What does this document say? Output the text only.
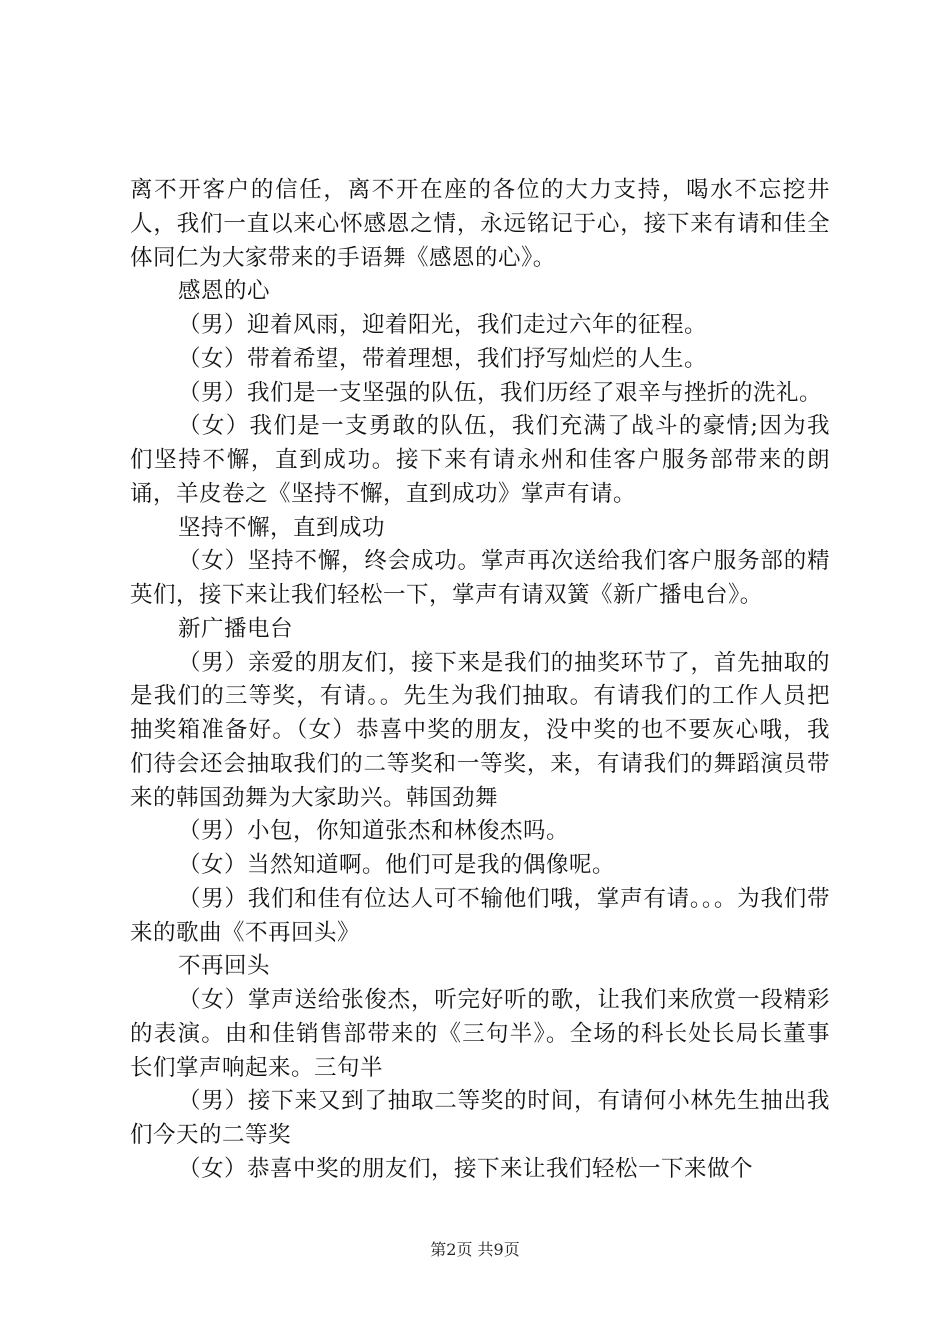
离不开客户的信任，离不开在座的各位的大力支持，喝水不忘挖井人，我们一直以来心怀感恩之情，永远铭记于心，接下来有请和佳全体同仁为大家带来的手语舞《感恩的心》。

感恩的心

（男）迎着风雨，迎着阳光，我们走过六年的征程。

（女）带着希望，带着理想，我们抒写灿烂的人生。

（男）我们是一支坚强的队伍，我们历经了艰辛与挫折的洗礼。

（女）我们是一支勇敢的队伍，我们充满了战斗的豪情;因为我们坚持不懈，直到成功。接下来有请永州和佳客户服务部带来的朗诵，羊皮卷之《坚持不懈，直到成功》掌声有请。

坚持不懈，直到成功

（女）坚持不懈，终会成功。掌声再次送给我们客户服务部的精英们，接下来让我们轻松一下，掌声有请双簧《新广播电台》。

新广播电台

（男）亲爱的朋友们，接下来是我们的抽奖环节了，首先抽取的是我们的三等奖，有请。。先生为我们抽取。有请我们的工作人员把抽奖箱准备好。（女）恭喜中奖的朋友，没中奖的也不要灰心哦，我们待会还会抽取我们的二等奖和一等奖，来，有请我们的舞蹈演员带来的韩国劲舞为大家助兴。韩国劲舞

（男）小包，你知道张杰和林俊杰吗。

（女）当然知道啊。他们可是我的偶像呢。

（男）我们和佳有位达人可不输他们哦，掌声有请。。。为我们带来的歌曲《不再回头》

不再回头

（女）掌声送给张俊杰，听完好听的歌，让我们来欣赏一段精彩的表演。由和佳销售部带来的《三句半》。全场的科长处长局长董事长们掌声响起来。三句半

（男）接下来又到了抽取二等奖的时间，有请何小林先生抽出我们今天的二等奖

（女）恭喜中奖的朋友们，接下来让我们轻松一下来做个

第2页 共9页
